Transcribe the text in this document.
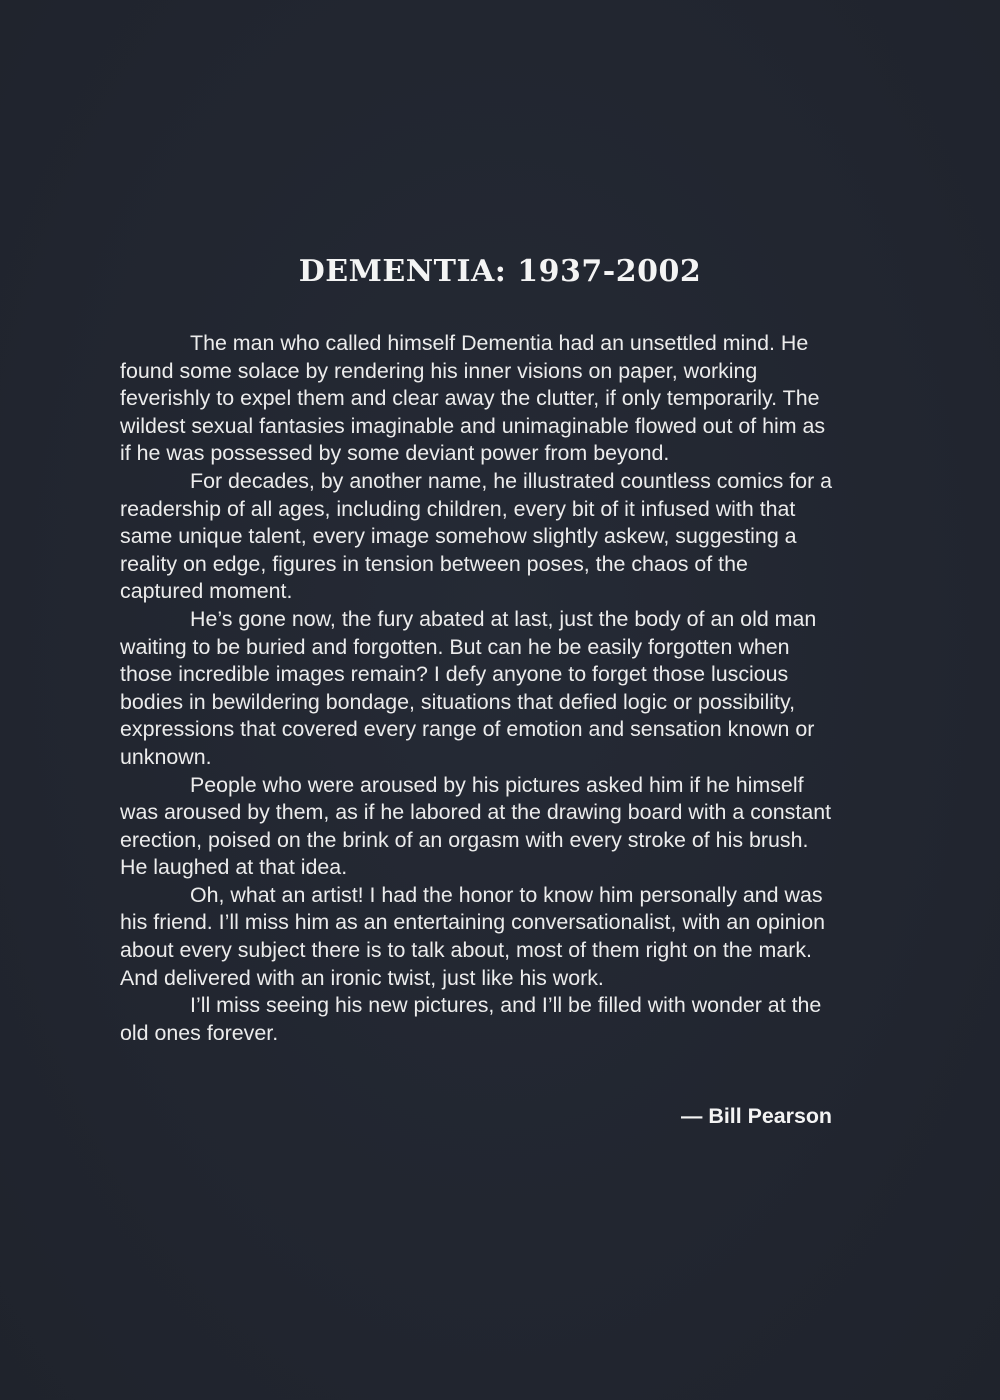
DEMENTIA: 1937-2002

The man who called himself Dementia had an unsettled mind. He found some solace by rendering his inner visions on paper, working feverishly to expel them and clear away the clutter, if only temporarily. The wildest sexual fantasies imaginable and unimaginable flowed out of him as if he was possessed by some deviant power from beyond.

For decades, by another name, he illustrated countless comics for a readership of all ages, including children, every bit of it infused with that same unique talent, every image somehow slightly askew, suggesting a reality on edge, figures in tension between poses, the chaos of the captured moment.

He’s gone now, the fury abated at last, just the body of an old man waiting to be buried and forgotten. But can he be easily forgotten when those incredible images remain? I defy anyone to forget those luscious bodies in bewildering bondage, situations that defied logic or possibility, expressions that covered every range of emotion and sensation known or unknown.

People who were aroused by his pictures asked him if he himself was aroused by them, as if he labored at the drawing board with a constant erection, poised on the brink of an orgasm with every stroke of his brush. He laughed at that idea.

Oh, what an artist! I had the honor to know him personally and was his friend. I’ll miss him as an entertaining conversationalist, with an opinion about every subject there is to talk about, most of them right on the mark. And delivered with an ironic twist, just like his work.

I’ll miss seeing his new pictures, and I’ll be filled with wonder at the old ones forever.

— Bill Pearson
